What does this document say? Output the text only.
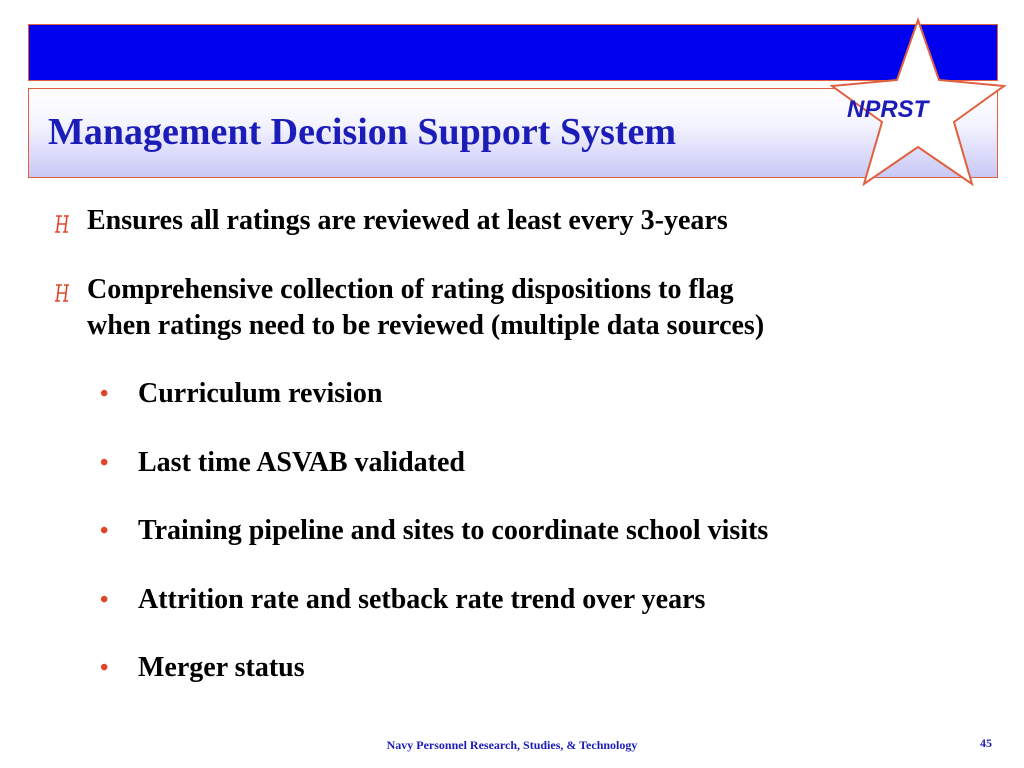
NPRST
Management Decision Support System

Ensures all ratings are reviewed at least every 3-years

Comprehensive collection of rating dispositions to flag

when ratings need to be reviewed (multiple data sources)

• Curriculum revision

• Last time ASVAB validated

• Training pipeline and sites to coordinate school visits

• Attrition rate and setback rate trend over years

• Merger status

Navy Personnel Research, Studies, & Technology	45
